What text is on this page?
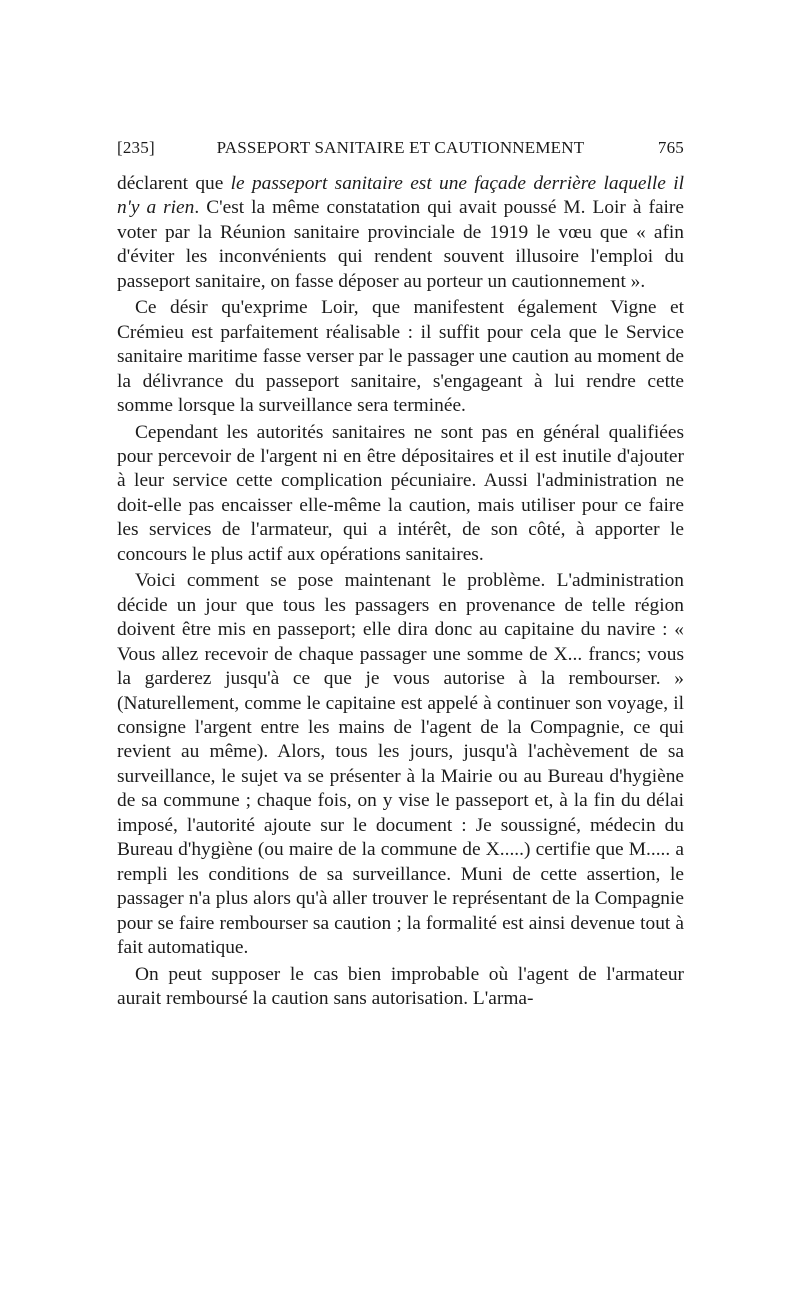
[235]	PASSEPORT SANITAIRE ET CAUTIONNEMENT	765

déclarent que le passeport sanitaire est une façade derrière laquelle il n'y a rien. C'est la même constatation qui avait poussé M. Loir à faire voter par la Réunion sanitaire provinciale de 1919 le vœu que « afin d'éviter les inconvénients qui rendent souvent illusoire l'emploi du passeport sanitaire, on fasse déposer au porteur un cautionnement ».

Ce désir qu'exprime Loir, que manifestent également Vigne et Crémieu est parfaitement réalisable : il suffit pour cela que le Service sanitaire maritime fasse verser par le passager une caution au moment de la délivrance du passeport sanitaire, s'engageant à lui rendre cette somme lorsque la surveillance sera terminée.

Cependant les autorités sanitaires ne sont pas en général qualifiées pour percevoir de l'argent ni en être dépositaires et il est inutile d'ajouter à leur service cette complication pécuniaire. Aussi l'administration ne doit-elle pas encaisser elle-même la caution, mais utiliser pour ce faire les services de l'armateur, qui a intérêt, de son côté, à apporter le concours le plus actif aux opérations sanitaires.

Voici comment se pose maintenant le problème. L'administration décide un jour que tous les passagers en provenance de telle région doivent être mis en passeport; elle dira donc au capitaine du navire : « Vous allez recevoir de chaque passager une somme de X... francs; vous la garderez jusqu'à ce que je vous autorise à la rembourser. » (Naturellement, comme le capitaine est appelé à continuer son voyage, il consigne l'argent entre les mains de l'agent de la Compagnie, ce qui revient au même). Alors, tous les jours, jusqu'à l'achèvement de sa surveillance, le sujet va se présenter à la Mairie ou au Bureau d'hygiène de sa commune ; chaque fois, on y vise le passeport et, à la fin du délai imposé, l'autorité ajoute sur le document : Je soussigné, médecin du Bureau d'hygiène (ou maire de la commune de X.....) certifie que M..... a rempli les conditions de sa surveillance. Muni de cette assertion, le passager n'a plus alors qu'à aller trouver le représentant de la Compagnie pour se faire rembourser sa caution ; la formalité est ainsi devenue tout à fait automatique.

On peut supposer le cas bien improbable où l'agent de l'armateur aurait remboursé la caution sans autorisation. L'arma-
